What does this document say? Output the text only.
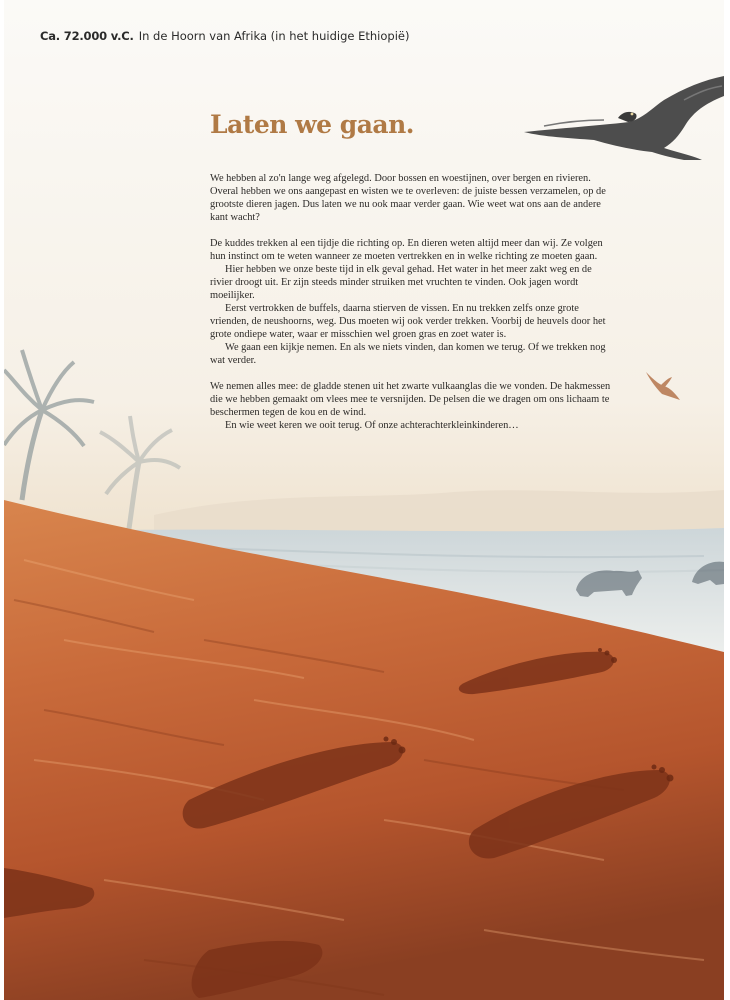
Ca. 72.000 v.C. In de Hoorn van Afrika (in het huidige Ethiopië)

Laten we gaan.

We hebben al zo'n lange weg afgelegd. Door bossen en woestijnen, over bergen en rivieren. Overal hebben we ons aangepast en wisten we te overleven: de juiste bessen verzamelen, op de grootste dieren jagen. Dus laten we nu ook maar verder gaan. Wie weet wat ons aan de andere kant wacht?

De kuddes trekken al een tijdje die richting op. En dieren weten altijd meer dan wij. Ze volgen hun instinct om te weten wanneer ze moeten vertrekken en in welke richting ze moeten gaan.

Hier hebben we onze beste tijd in elk geval gehad. Het water in het meer zakt weg en de rivier droogt uit. Er zijn steeds minder struiken met vruchten te vinden. Ook jagen wordt moeilijker.

Eerst vertrokken de buffels, daarna stierven de vissen. En nu trekken zelfs onze grote vrienden, de neushoorns, weg. Dus moeten wij ook verder trekken. Voorbij de heuvels door het grote ondiepe water, waar er misschien wel groen gras en zoet water is.

We gaan een kijkje nemen. En als we niets vinden, dan komen we terug. Of we trekken nog wat verder.

We nemen alles mee: de gladde stenen uit het zwarte vulkaanglas die we vonden. De hakmessen die we hebben gemaakt om vlees mee te versnijden. De pelsen die we dragen om ons lichaam te beschermen tegen de kou en de wind.

En wie weet keren we ooit terug. Of onze achterachterkleinkinderen…
